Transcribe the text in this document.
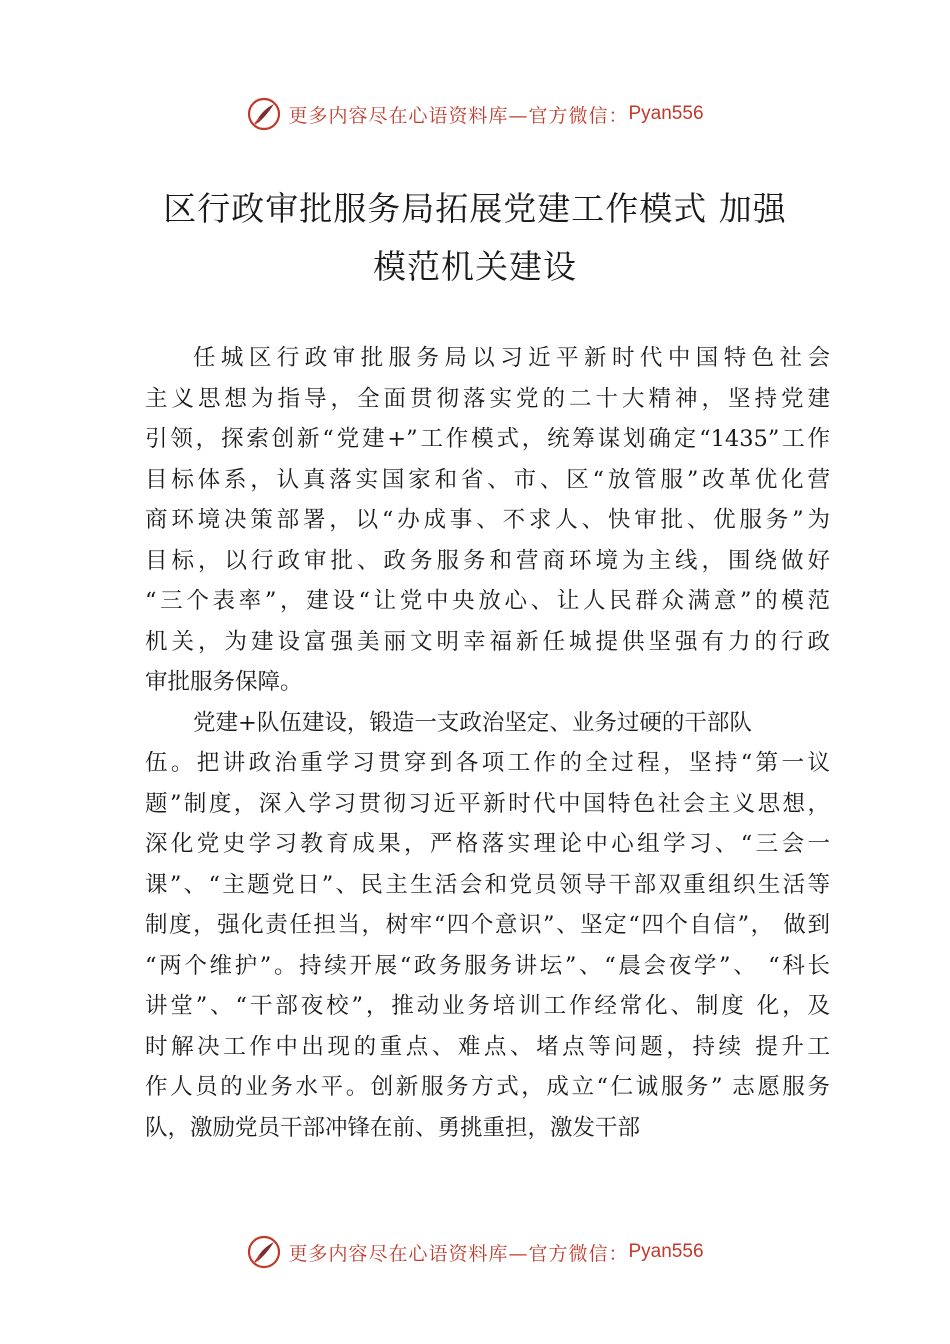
更多内容尽在心语资料库—官方微信： Pyan556
区行政审批服务局拓展党建工作模式 加强
模范机关建设
任城区行政审批服务局以习近平新时代中国特色社会
主义思想为指导，全面贯彻落实党的二十大精神，坚持党建
引领，探索创新“党建+”工作模式，统筹谋划确定“1435”工作
目标体系，认真落实国家和省、市、区“放管服”改革优化营
商环境决策部署，以“办成事、不求人、快审批、优服务”为
目标，以行政审批、政务服务和营商环境为主线，围绕做好
“三个表率”，建设“让党中央放心、让人民群众满意”的模范
机关，为建设富强美丽文明幸福新任城提供坚强有力的行政
审批服务保障。
党建+队伍建设，锻造一支政治坚定、业务过硬的干部队
伍。把讲政治重学习贯穿到各项工作的全过程，坚持“第一议
题”制度，深入学习贯彻习近平新时代中国特色社会主义思想，
深化党史学习教育成果，严格落实理论中心组学习、“三会一
课”、“主题党日”、民主生活会和党员领导干部双重组织生活等
制度，强化责任担当，树牢“四个意识”、坚定“四个自信”， 做到
“两个维护”。持续开展“政务服务讲坛”、“晨会夜学”、 “科长
讲堂”、“干部夜校”，推动业务培训工作经常化、制度 化，及
时解决工作中出现的重点、难点、堵点等问题，持续 提升工
作人员的业务水平。创新服务方式，成立“仁诚服务” 志愿服务
队，激励党员干部冲锋在前、勇挑重担，激发干部
更多内容尽在心语资料库—官方微信： Pyan556
